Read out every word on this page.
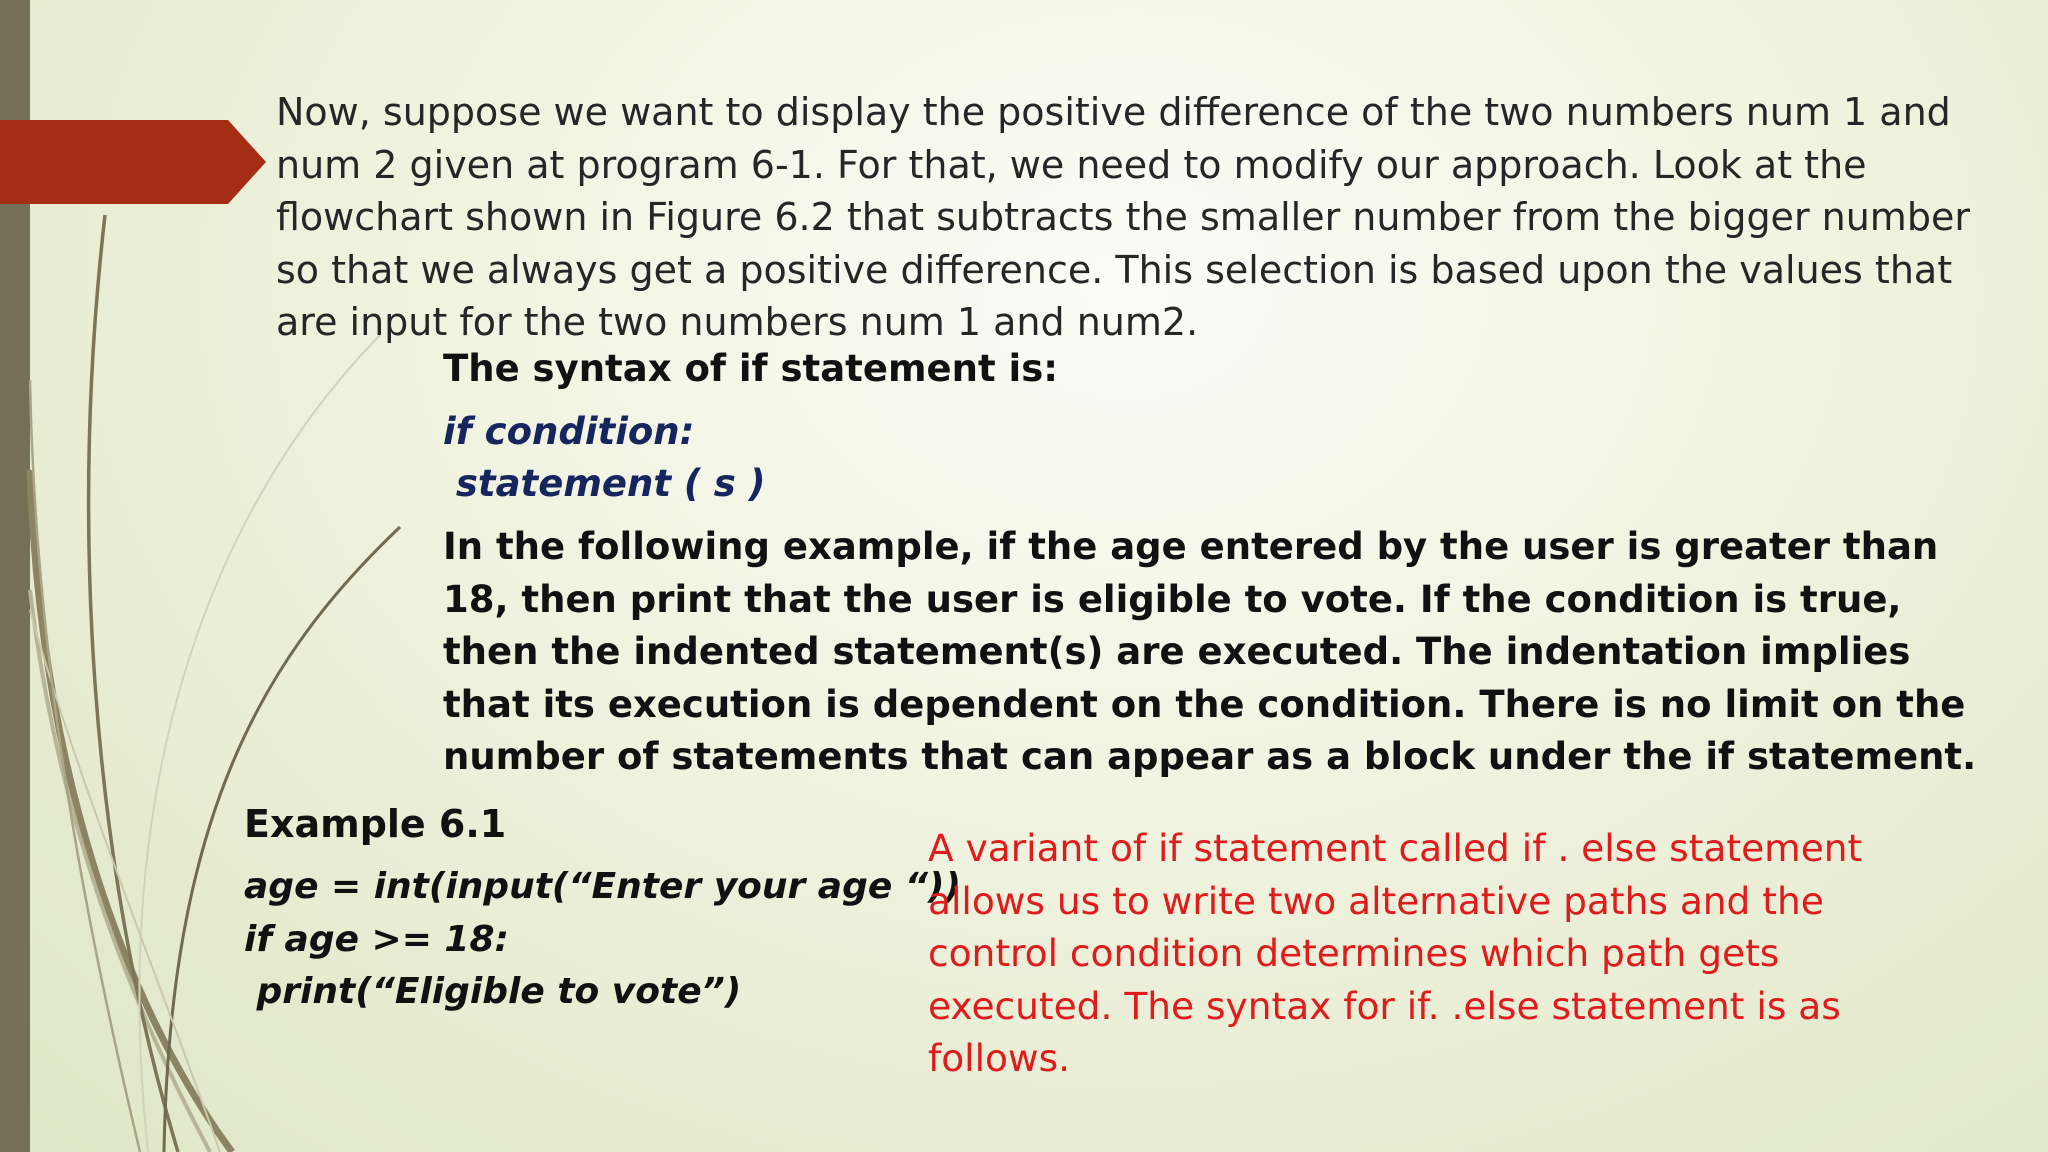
Now, suppose we want to display the positive difference of the two numbers num 1 and num 2 given at program 6-1. For that, we need to modify our approach. Look at the flowchart shown in Figure 6.2 that subtracts the smaller number from the bigger number so that we always get a positive difference. This selection is based upon the values that are input for the two numbers num 1 and num2.

The syntax of if statement is:

if condition:
statement ( s )

In the following example, if the age entered by the user is greater than 18, then print that the user is eligible to vote. If the condition is true, then the indented statement(s) are executed. The indentation implies that its execution is dependent on the condition. There is no limit on the number of statements that can appear as a block under the if statement.

Example 6.1

age = int(input(“Enter your age “))
if age >= 18:
print(“Eligible to vote”)

A variant of if statement called if . else statement allows us to write two alternative paths and the control condition determines which path gets executed. The syntax for if. .else statement is as follows.
